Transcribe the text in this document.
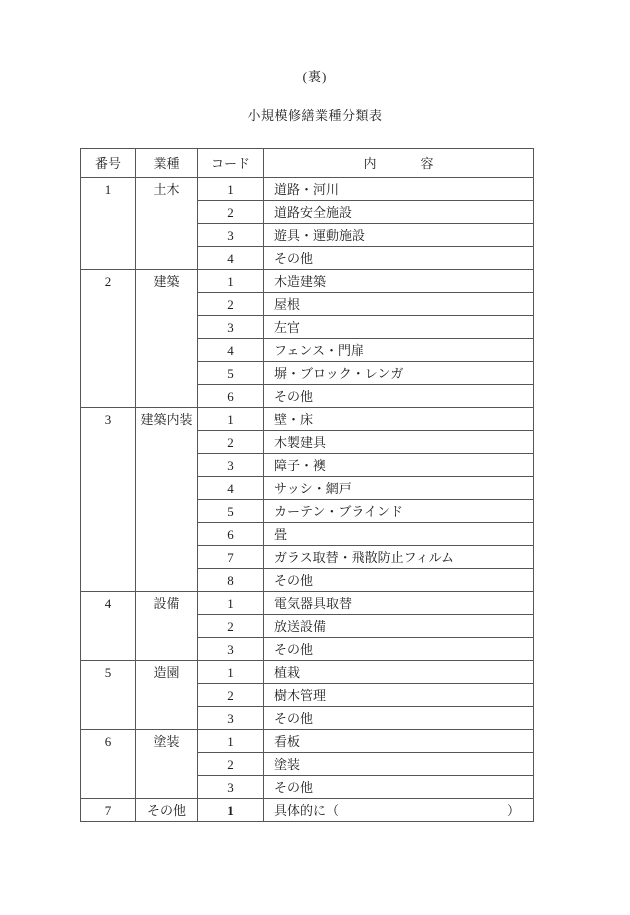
(裏)
小規模修繕業種分類表
番号	業種	コード	内 容

1	土木	1	道路・河川
		2	道路安全施設
		3	遊具・運動施設
		4	その他
2	建築	1	木造建築
		2	屋根
		3	左官
		4	フェンス・門扉
		5	塀・ブロック・レンガ
		6	その他
3	建築内装	1	壁・床
		2	木製建具
		3	障子・襖
		4	サッシ・網戸
		5	カーテン・ブラインド
		6	畳
		7	ガラス取替・飛散防止フィルム
		8	その他
4	設備	1	電気器具取替
		2	放送設備
		3	その他
5	造園	1	植栽
		2	樹木管理
		3	その他
6	塗装	1	看板
		2	塗装
		3	その他
7	その他	1	具体的に（ ）
